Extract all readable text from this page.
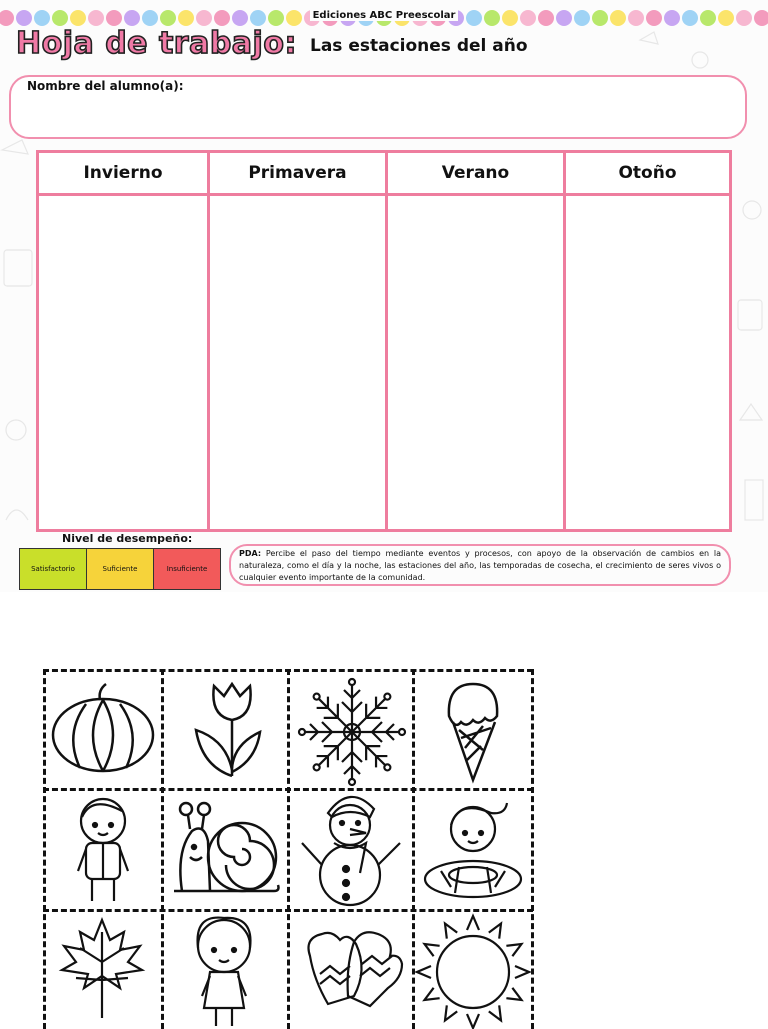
Ediciones ABC Preescolar
Hoja de trabajo: Las estaciones del año
Nombre del alumno(a):
Invierno	Primavera	Verano	Otoño
Nivel de desempeño:
Satisfactorio	Suficiente	Insuficiente
PDA: Percibe el paso del tiempo mediante eventos y procesos, con apoyo de la observación de cambios en la naturaleza, como el día y la noche, las estaciones del año, las temporadas de cosecha, el crecimiento de seres vivos o cualquier evento importante de la comunidad.
